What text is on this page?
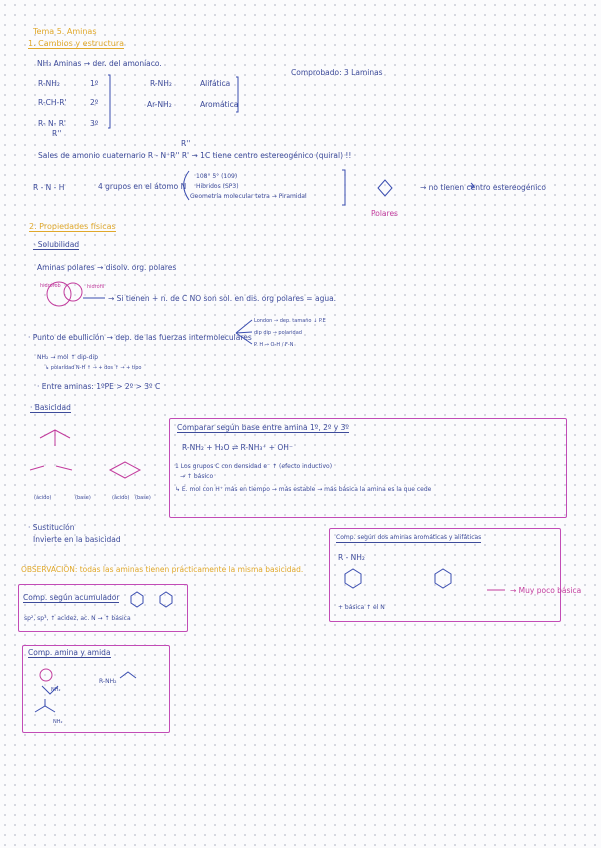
Tema 5. Aminas
1. Cambios y estructura
NH₃ Aminas → der. del amoníaco.
R-NH₂	1º
R-CH-R'	2º
R- N- R'	3º
R''
R-NH₂	Alifática
Ar-NH₂	Aromática
Comprobado: 3 Laminas
R''
Sales de amonio cuaternario R - N⁺R'' R' → 1C tiene centro estereogénico (quiral) !!
R - N - H	4 grupos en el átomo N
108° 5° (109)
Hibridos (SP3)
Geometría molecular tetra → Piramidal
→ no tienen centro estereogénico
Polares
2. Propiedades físicas
· Solubilidad
Aminas polares → disolv. org. polares
hidrófob	hidrófil
→ Si tienen + n. de C NO son sol. en dis. org polares = agua.
· Punto de ebullición → dep. de las fuerzas intermoleculares
London → dep. tamaño ↓ P.E
dip dip → polaridad
P. H → O-H / F-N
NH₂ → mol ↑ dip-dip
↳ polaridad N-H ↑ → + dos ↑ → + tipo
· Entre aminas: 1ºPE > 2º > 3º C
· Basicidad
(ácido)	(base)	(ácido) (base)
· Sustitución
Invierte en la basicidad
OBSERVACIÓN: todas las aminas tienen prácticamente la misma basicidad.
Comparar según base entre amina 1º, 2º y 3º
R-NH₂ + H₂O ⇌ R-NH₃⁺ + OH⁻
1 Los grupos C con densidad e⁻ ↑ (efecto inductivo)
→ ↑ básico
↳ E. mol con H⁺ más en tiempo → más estable → más básica la amina es la que cede
Comp. según acumulador
sp², sp³, ↑ acidez, ac. N → ↑ básica
Comp. según dos aminas aromáticas y alifáticas
R - NH₂
+ básica ↑ el N
→ Muy poco básica
Comp. amina y amida
R-NH₂
NH₂
NH₂
